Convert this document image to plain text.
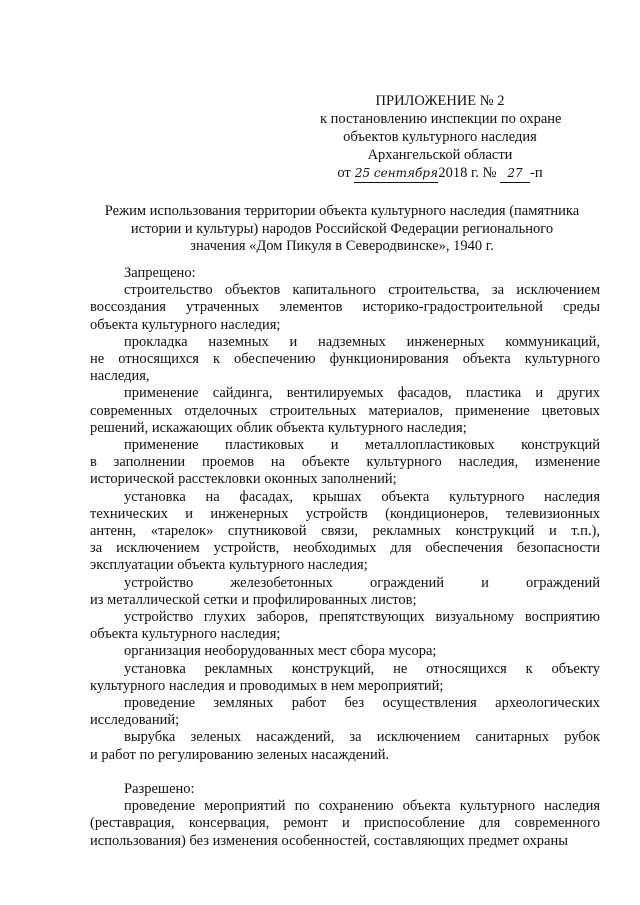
ПРИЛОЖЕНИЕ № 2
к постановлению инспекции по охране
объектов культурного наследия
Архангельской области
от 25 сентября2018 г. № 27 -п
Режим использования территории объекта культурного наследия (памятника
истории и культуры) народов Российской Федерации регионального
значения «Дом Пикуля в Северодвинске», 1940 г.
Запрещено:
строительство объектов капитального строительства, за исключением
воссоздания утраченных элементов историко-градостроительной среды
объекта культурного наследия;
прокладка наземных и надземных инженерных коммуникаций,
не относящихся к обеспечению функционирования объекта культурного
наследия,
применение сайдинга, вентилируемых фасадов, пластика и других
современных отделочных строительных материалов, применение цветовых
решений, искажающих облик объекта культурного наследия;
применение пластиковых и металлопластиковых конструкций
в заполнении проемов на объекте культурного наследия, изменение
исторической расстекловки оконных заполнений;
установка на фасадах, крышах объекта культурного наследия
технических и инженерных устройств (кондиционеров, телевизионных
антенн, «тарелок» спутниковой связи, рекламных конструкций и т.п.),
за исключением устройств, необходимых для обеспечения безопасности
эксплуатации объекта культурного наследия;
устройство железобетонных ограждений и ограждений
из металлической сетки и профилированных листов;
устройство глухих заборов, препятствующих визуальному восприятию
объекта культурного наследия;
организация необорудованных мест сбора мусора;
установка рекламных конструкций, не относящихся к объекту
культурного наследия и проводимых в нем мероприятий;
проведение земляных работ без осуществления археологических
исследований;
вырубка зеленых насаждений, за исключением санитарных рубок
и работ по регулированию зеленых насаждений.
Разрешено:
проведение мероприятий по сохранению объекта культурного наследия
(реставрация, консервация, ремонт и приспособление для современного
использования) без изменения особенностей, составляющих предмет охраны
